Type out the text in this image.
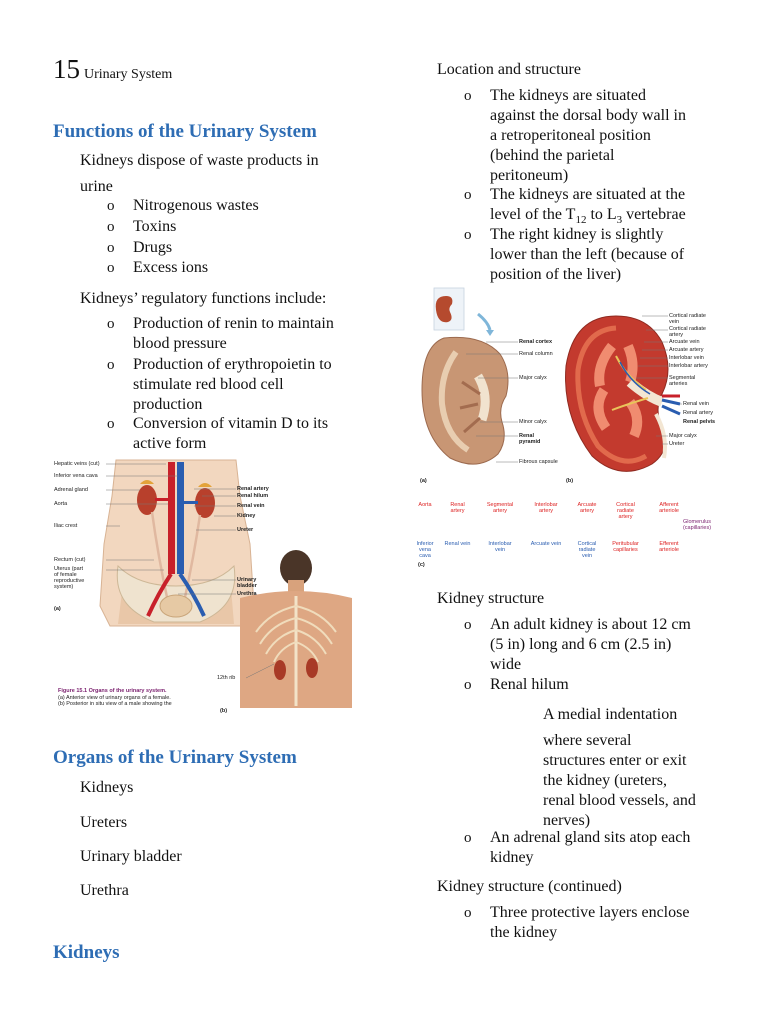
15 Urinary System
Functions of the Urinary System
Kidneys dispose of waste products in
urine
o Nitrogenous wastes
o Toxins
o Drugs
o Excess ions
Kidneys’ regulatory functions include:
o Production of renin to maintain
blood pressure
o Production of erythropoietin to
stimulate red blood cell
production
o Conversion of vitamin D to its
active form
Hepatic veins (cut)
Inferior vena cava
Adrenal gland
Aorta
Iliac crest
Rectum (cut)
Uterus (part
of female
reproductive
system)
(a)
Renal artery
Renal hilum
Renal vein
Kidney
Ureter
Urinary
bladder
Urethra
12th rib
(b)
Figure 15.1 Organs of the urinary system.
(a) Anterior view of urinary organs of a female.
(b) Posterior in situ view of a male showing the
Organs of the Urinary System
Kidneys
Ureters
Urinary bladder
Urethra
Kidneys
Location and structure
o The kidneys are situated
against the dorsal body wall in
a retroperitoneal position
(behind the parietal
peritoneum)
o The kidneys are situated at the
level of the $T_{12}$ to $L_3$ vertebrae
o The right kidney is slightly
lower than the left (because of
position of the liver)
Renal cortex
Renal column
Major calyx
Minor calyx
Renal
pyramid
Fibrous capsule
(a)
Cortical radiate
vein
Cortical radiate
artery
Arcuate vein
Arcuate artery
Interlobar vein
Interlobar artery
Segmental
arteries
Renal vein
Renal artery
Renal pelvis
Major calyx
Ureter
(b)
Aorta	Renal artery
Segmental artery
Interlobar artery
Arcuate artery
Cortical radiate artery
Afferent arteriole
Glomerulus (capillaries)
Inferior vena cava
Renal vein	Interlobar vein
Arcuate vein	Cortical radiate vein
Peritubular capillaries
Efferent arteriole
(c)
Kidney structure
o An adult kidney is about 12 cm
(5 in) long and 6 cm (2.5 in)
wide
o Renal hilum
A medial indentation
where several
structures enter or exit
the kidney (ureters,
renal blood vessels, and
nerves)
o An adrenal gland sits atop each
kidney
Kidney structure (continued)
o Three protective layers enclose
the kidney
